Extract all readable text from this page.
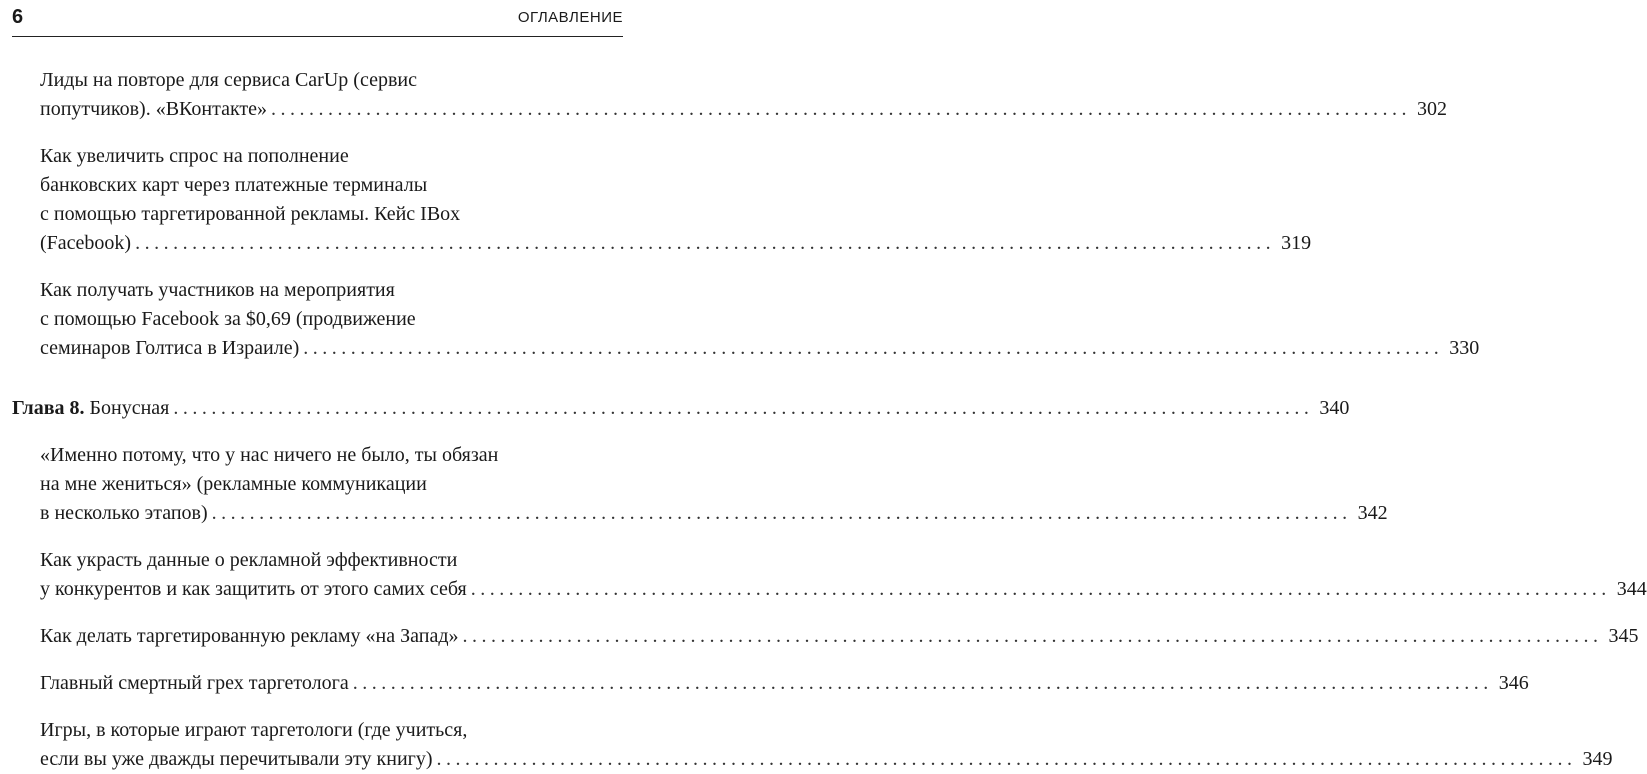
6	ОГЛАВЛЕНИЕ
Лиды на повторе для сервиса CarUp (сервис
попутчиков). «ВКонтакте» ........................................................................................................................ 302
Как увеличить спрос на пополнение
банковских карт через платежные терминалы
с помощью таргетированной рекламы. Кейс IBox
(Facebook) ........................................................................................................................ 319
Как получать участников на мероприятия
с помощью Facebook за $0,69 (продвижение
семинаров Голтиса в Израиле) ........................................................................................................................ 330
Глава 8. Бонусная ........................................................................................................................ 340
«Именно потому, что у нас ничего не было, ты обязан
на мне жениться» (рекламные коммуникации
в несколько этапов) ........................................................................................................................ 342
Как украсть данные о рекламной эффективности
у конкурентов и как защитить от этого самих себя ........................................................................................................................ 344
Как делать таргетированную рекламу «на Запад» ........................................................................................................................ 345
Главный смертный грех таргетолога ........................................................................................................................ 346
Игры, в которые играют таргетологи (где учиться,
если вы уже дважды перечитывали эту книгу) ........................................................................................................................ 349
